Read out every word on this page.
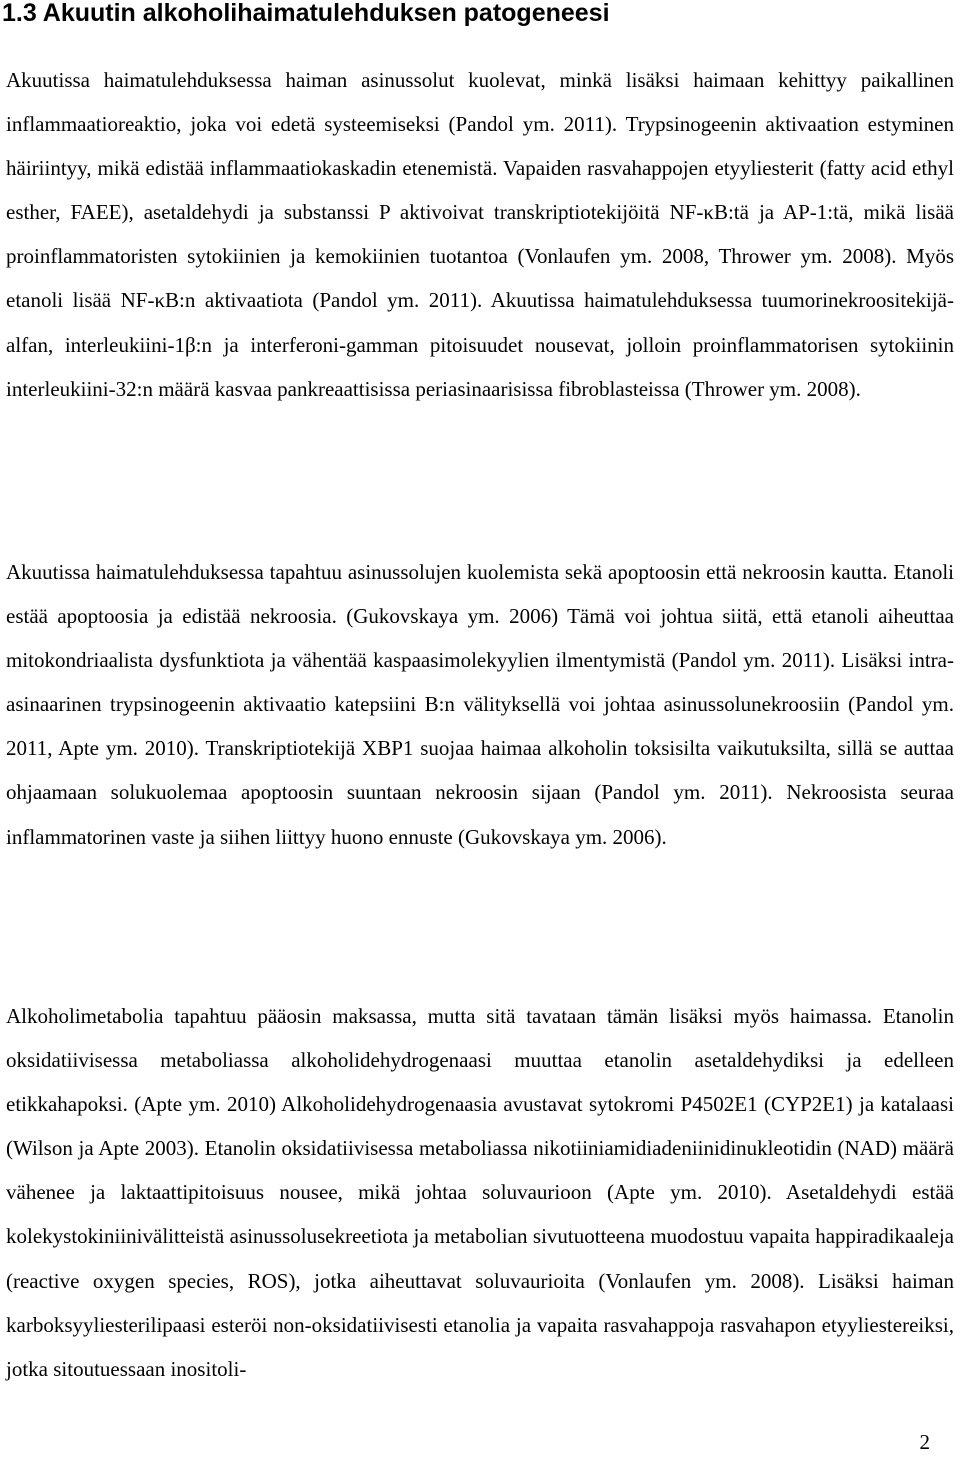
1.3 Akuutin alkoholihaimatulehduksen patogeneesi

Akuutissa haimatulehduksessa haiman asinussolut kuolevat, minkä lisäksi haimaan kehittyy paikallinen inflammaatioreaktio, joka voi edetä systeemiseksi (Pandol ym. 2011). Trypsinogeenin aktivaation estyminen häiriintyy, mikä edistää inflammaatiokaskadin etenemistä. Vapaiden rasvahappojen etyyliesterit (fatty acid ethyl esther, FAEE), asetaldehydi ja substanssi P aktivoivat transkriptiotekijöitä NF-κB:tä ja AP-1:tä, mikä lisää proinflammatoristen sytokiinien ja kemokiinien tuotantoa (Vonlaufen ym. 2008, Thrower ym. 2008). Myös etanoli lisää NF-κB:n aktivaatiota (Pandol ym. 2011). Akuutissa haimatulehduksessa tuumorinekroositekijä-alfan, interleukiini-1β:n ja interferoni-gamman pitoisuudet nousevat, jolloin proinflammatorisen sytokiinin interleukiini-32:n määrä kasvaa pankreaattisissa periasinaarisissa fibroblasteissa (Thrower ym. 2008).

Akuutissa haimatulehduksessa tapahtuu asinussolujen kuolemista sekä apoptoosin että nekroosin kautta. Etanoli estää apoptoosia ja edistää nekroosia. (Gukovskaya ym. 2006) Tämä voi johtua siitä, että etanoli aiheuttaa mitokondriaalista dysfunktiota ja vähentää kaspaasimolekyylien ilmentymistä (Pandol ym. 2011). Lisäksi intra-asinaarinen trypsinogeenin aktivaatio katepsiini B:n välityksellä voi johtaa asinussolunekroosiin (Pandol ym. 2011, Apte ym. 2010). Transkriptiotekijä XBP1 suojaa haimaa alkoholin toksisilta vaikutuksilta, sillä se auttaa ohjaamaan solukuolemaa apoptoosin suuntaan nekroosin sijaan (Pandol ym. 2011). Nekroosista seuraa inflammatorinen vaste ja siihen liittyy huono ennuste (Gukovskaya ym. 2006).

Alkoholimetabolia tapahtuu pääosin maksassa, mutta sitä tavataan tämän lisäksi myös haimassa. Etanolin oksidatiivisessa metaboliassa alkoholidehydrogenaasi muuttaa etanolin asetaldehydiksi ja edelleen etikkahapoksi. (Apte ym. 2010) Alkoholidehydrogenaasia avustavat sytokromi P4502E1 (CYP2E1) ja katalaasi (Wilson ja Apte 2003). Etanolin oksidatiivisessa metaboliassa nikotiiniamidiadeniinidinukleotidin (NAD) määrä vähenee ja laktaattipitoisuus nousee, mikä johtaa soluvaurioon (Apte ym. 2010). Asetaldehydi estää kolekystokiniinivälitteistä asinussolusekreetiota ja metabolian sivutuotteena muodostuu vapaita happiradikaaleja (reactive oxygen species, ROS), jotka aiheuttavat soluvaurioita (Vonlaufen ym. 2008). Lisäksi haiman karboksyyliesterilipaasi esteröi non-oksidatiivisesti etanolia ja vapaita rasvahappoja rasvahapon etyyliestereiksi, jotka sitoutuessaan inositoli-

2
